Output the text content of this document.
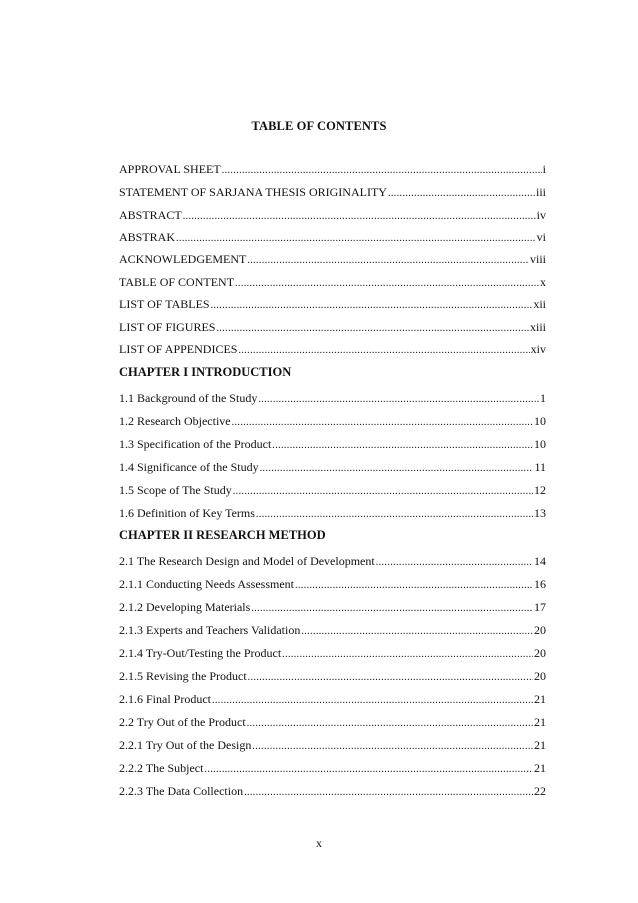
TABLE OF CONTENTS
APPROVAL SHEET .....	i
STATEMENT OF SARJANA THESIS ORIGINALITY .....	iii
ABSTRACT .....	iv
ABSTRAK .....	vi
ACKNOWLEDGEMENT .....	viii
TABLE OF CONTENT .....	x
LIST OF TABLES .....	xii
LIST OF FIGURES .....	xiii
LIST OF APPENDICES .....	xiv
CHAPTER I INTRODUCTION
1.1 Background of the Study .....	1
1.2 Research Objective .....	10
1.3 Specification of the Product .....	10
1.4 Significance of the Study .....	11
1.5 Scope of The Study .....	12
1.6 Definition of Key Terms .....	13
CHAPTER II RESEARCH METHOD
2.1 The Research Design and Model of Development .....	14
2.1.1 Conducting Needs Assessment .....	16
2.1.2 Developing Materials .....	17
2.1.3 Experts and Teachers Validation .....	20
2.1.4 Try-Out/Testing the Product .....	20
2.1.5 Revising the Product .....	20
2.1.6 Final Product .....	21
2.2 Try Out of the Product .....	21
2.2.1 Try Out of the Design .....	21
2.2.2 The Subject .....	21
2.2.3 The Data Collection .....	22
x
